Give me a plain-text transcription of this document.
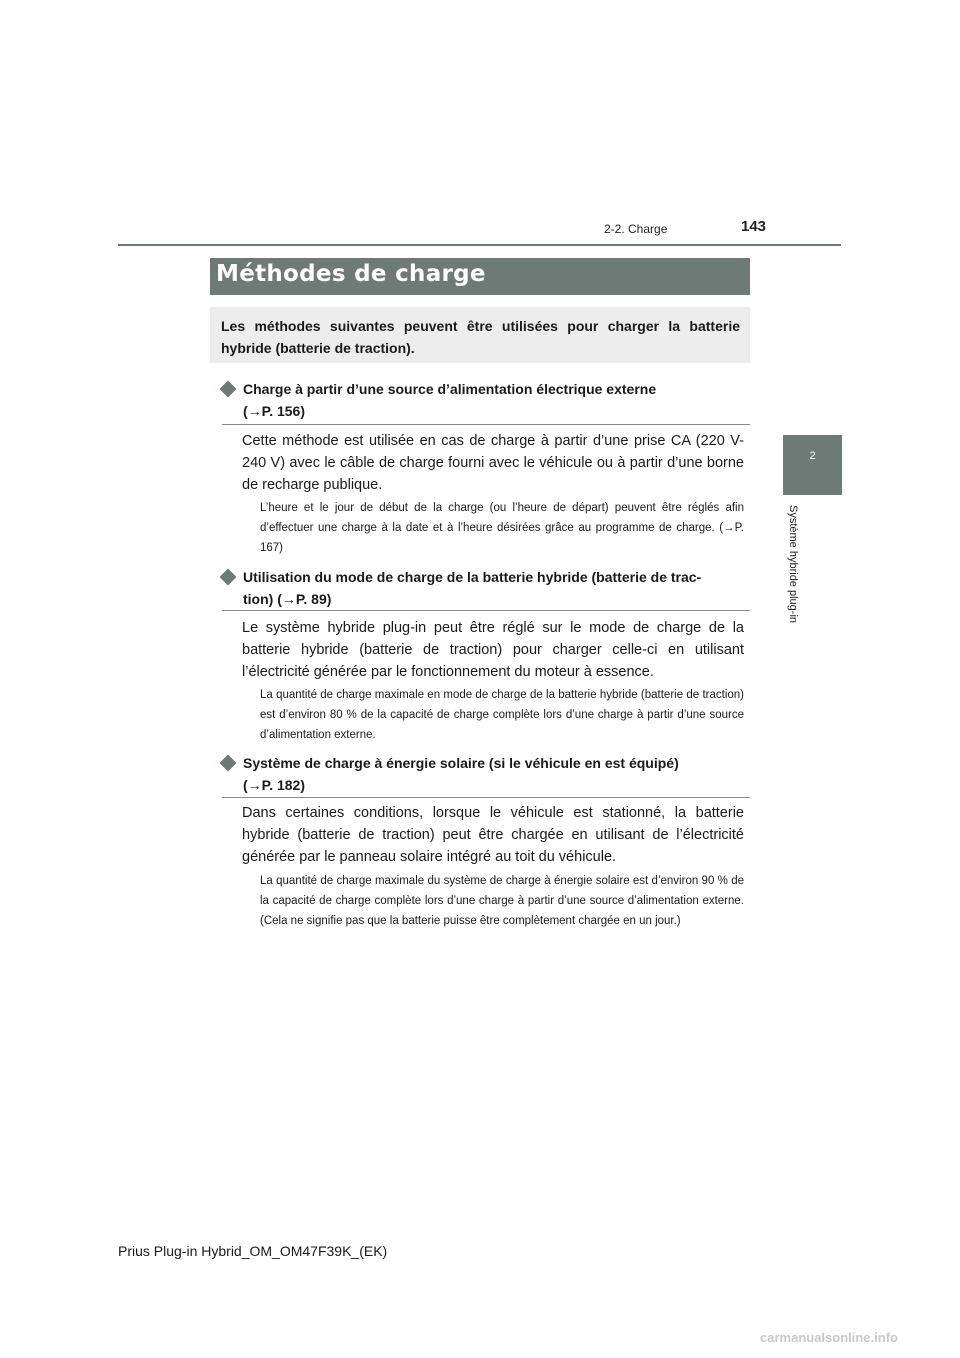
2-2. Charge	143
2
Système hybride plug-in
Méthodes de charge
Les méthodes suivantes peuvent être utilisées pour charger la batterie hybride (batterie de traction).
Charge à partir d’une source d’alimentation électrique externe
(→P. 156)
Cette méthode est utilisée en cas de charge à partir d’une prise CA (220 V-240 V) avec le câble de charge fourni avec le véhicule ou à partir d’une borne de recharge publique.
L’heure et le jour de début de la charge (ou l’heure de départ) peuvent être réglés afin d’effectuer une charge à la date et à l’heure désirées grâce au programme de charge. (→P. 167)
Utilisation du mode de charge de la batterie hybride (batterie de trac-
tion) (→P. 89)
Le système hybride plug-in peut être réglé sur le mode de charge de la batterie hybride (batterie de traction) pour charger celle-ci en utilisant l’électricité générée par le fonctionnement du moteur à essence.
La quantité de charge maximale en mode de charge de la batterie hybride (batterie de traction) est d’environ 80 % de la capacité de charge complète lors d’une charge à partir d’une source d’alimentation externe.
Système de charge à énergie solaire (si le véhicule en est équipé)
(→P. 182)
Dans certaines conditions, lorsque le véhicule est stationné, la batterie hybride (batterie de traction) peut être chargée en utilisant de l’électricité générée par le panneau solaire intégré au toit du véhicule.
La quantité de charge maximale du système de charge à énergie solaire est d’environ 90 % de la capacité de charge complète lors d’une charge à partir d’une source d’alimentation externe. (Cela ne signifie pas que la batterie puisse être complètement chargée en un jour.)
Prius Plug-in Hybrid_OM_OM47F39K_(EK)
carmanualsonline.info
